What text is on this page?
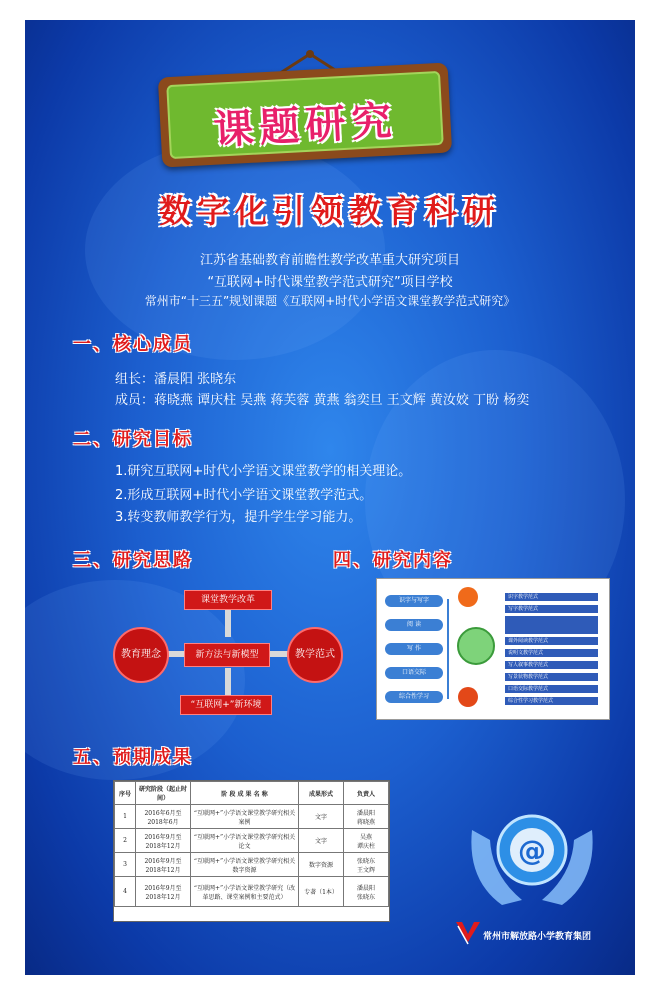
课题研究
数字化引领教育科研
江苏省基础教育前瞻性教学改革重大研究项目
“互联网+时代课堂教学范式研究”项目学校
常州市“十三五”规划课题《互联网+时代小学语文课堂教学范式研究》
一、核心成员
组长：潘晨阳 张晓东
成员：蒋晓燕 谭庆柱 吴燕 蒋芙蓉 黄燕 翁奕旦 王文辉 黄汝姣 丁盼 杨奕
二、研究目标
1.研究互联网+时代小学语文课堂教学的相关理论。
2.形成互联网+时代小学语文课堂教学范式。
3.转变教师教学行为，提升学生学习能力。
三、研究思路
课堂教学改革
新方法与新模型
“互联网+”新环境
教育理念	教学范式
四、研究内容
识字与写字
阅 读
写 作
口语交际
综合性学习
识字教学范式
写字教学范式
课外阅读教学范式
说明文教学范式
写人叙事教学范式
写景状物教学范式
口语交际教学范式
综合性学习教学范式
五、预期成果
序号	研究阶段（起止时间）	阶 段 成 果 名 称	成果形式	负责人
1	2016年6月至2018年6月	“互联网+”小学语文课堂教学研究相关案例	文字	潘晨阳
蒋晓燕
2	2016年9月至2018年12月	“互联网+”小学语文课堂教学研究相关论文	文字	吴燕
谭庆柱
3	2016年9月至2018年12月	“互联网+”小学语文课堂教学研究相关数字资源	数字资源	张晓东
王文辉
4	2016年9月至2018年12月	“互联网+”小学语文课堂教学研究（改革思路、课堂案例和主要范式）	专著（1本）	潘晨阳
张晓东
@
常州市解放路小学教育集团
